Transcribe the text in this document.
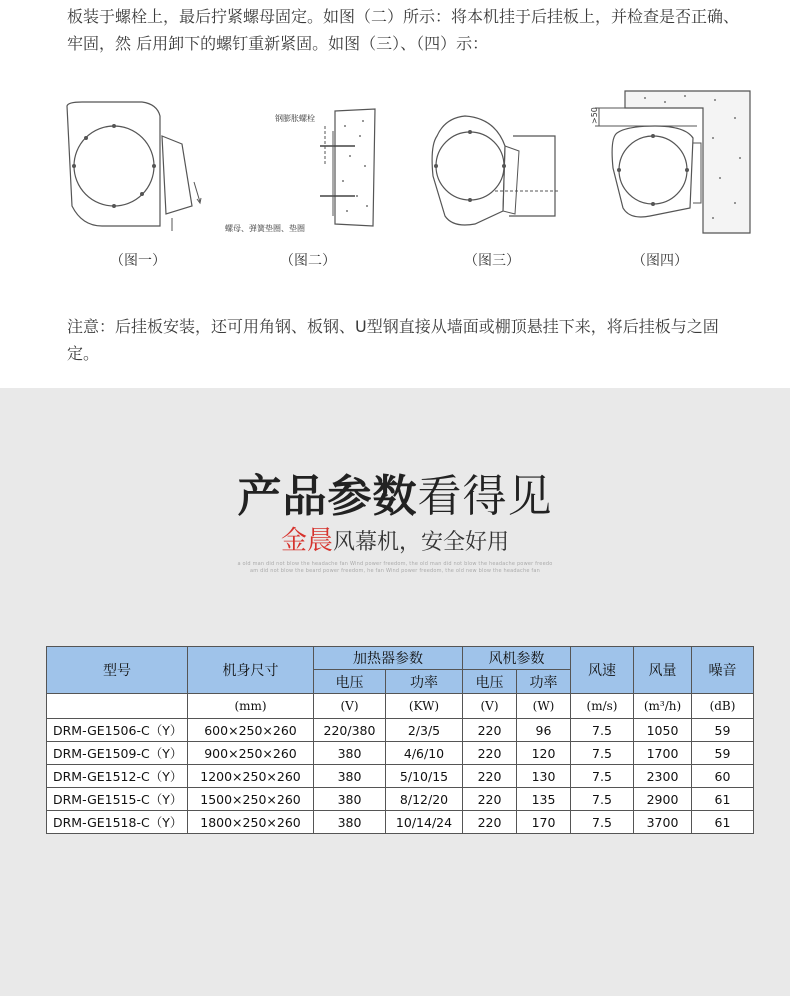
板装于螺栓上，最后拧紧螺母固定。如图（二）所示：将本机挂于后挂板上，并检查是否正确、牢固，然 后用卸下的螺钉重新紧固。如图（三）、（四）示：
（图一）
钢膨胀螺栓
螺母、弹簧垫圈、垫圈
（图二）	（图三）
>50
（图四）
注意：后挂板安装，还可用角钢、板钢、U型钢直接从墙面或棚顶悬挂下来，将后挂板与之固定。
产品参数看得见
金晨风幕机，安全好用
a old man did not blow the headache fan Wind power freedom, the old man did not blow the headache power freedo
am did not blow the beard power freedom, he fan Wind power freedom, the old new blow the headache fan
型号	机身尺寸	加热器参数		风机参数		风速	风量	噪音
		电压	功率	电压	功率			
	(mm)	(V)	(KW)	(V)	(W)	(m/s)	(m³/h)	(dB)
DRM-GE1506-C（Y）	600×250×260	220/380	2/3/5	220	96	7.5	1050	59
DRM-GE1509-C（Y）	900×250×260	380	4/6/10	220	120	7.5	1700	59
DRM-GE1512-C（Y）	1200×250×260	380	5/10/15	220	130	7.5	2300	60
DRM-GE1515-C（Y）	1500×250×260	380	8/12/20	220	135	7.5	2900	61
DRM-GE1518-C（Y）	1800×250×260	380	10/14/24	220	170	7.5	3700	61
